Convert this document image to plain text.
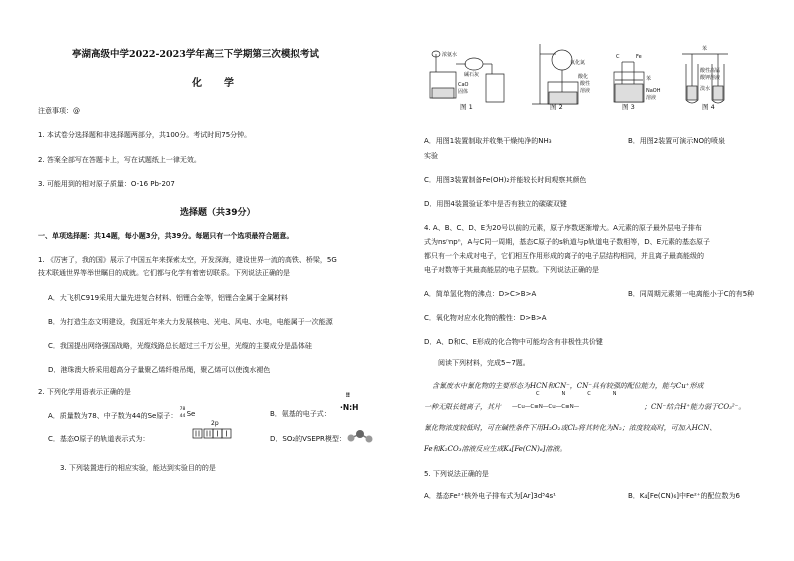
亭湖高级中学2022-2023学年高三下学期第三次模拟考试
化学
注意事项：@
1. 本试卷分选择题和非选择题两部分，共100分。考试时间75分钟。
2. 答案全部写在答题卡上，写在试题纸上一律无效。
3. 可能用到的相对原子质量：O-16 Pb-207
选择题（共39分）
一、单项选择题：共14题，每小题3分，共39分。每题只有一个选项最符合题意。
1. 《厉害了，我的国》展示了中国五年来探索太空，开发深海，建设世界一流的高铁、桥梁，5G
技术联通世界等举世瞩目的成就。它们都与化学有着密切联系。下列说法正确的是
A．大飞机C919采用大量先进复合材料、铝锂合金等，铝锂合金属于金属材料
B．为打造生态文明建设，我国近年来大力发展核电、光电、风电、水电，电能属于一次能源
C．我国提出网络强国战略，光缆线路总长超过三千万公里，光缆的主要成分是晶体硅
D．港珠澳大桥采用超高分子量聚乙烯纤维吊绳，聚乙烯可以使溴水褪色
2. 下列化学用语表示正确的是
A．质量数为78、中子数为44的Se原子：
78
44 Se	B．氨基的电子式：
‼
·N:H
C．基态O原子的轨道表示式为：
2p
D．SO₂的VSEPR模型：
3. 下列装置进行的相应实验，能达到实验目的的是
浓氨水
碱石灰
CaO
固体
氧化氮
酸化
酸性
溶液
C	Fe
苯
NaOH
溶液
苯
酸性高锰
酸钾溶液
溴水
图 1	图 2	图 3	图 4
A．用图1装置制取并收集干燥纯净的NH₃	B．用图2装置可演示NO的喷泉
实验
C．用图3装置制备Fe(OH)₂并能较长时间观察其颜色
D．用图4装置验证苯中是否有独立的碳碳双键
4. A、B、C、D、E为20号以前的元素，原子序数逐渐增大。A元素的原子最外层电子排布
式为nsⁿnpⁿ，A与C同一周期，基态C原子的s轨道与p轨道电子数相等，D、E元素的基态原子
都只有一个未成对电子，它们相互作用形成的离子的电子层结构相同，并且离子最高能级的
电子对数等于其最高能层的电子层数。下列说法正确的是
A．简单氢化物的沸点：D>C>B>A	B．同周期元素第一电离能小于C的有5种
C．氧化物对应水化物的酸性：D>B>A
D．A、D和C、E形成的化合物中可能均含有非极性共价键
阅读下列材料，完成5~7题。
含氰废水中氰化物的主要形态为HCN和CN⁻，CN⁻具有较强的配位能力，能与Cu⁺形成
一种无限长链离子，其片
CNCN
—Cu—C≡N—Cu—C≡N—	；CN⁻结合H⁺能力弱于CO₃²⁻。
氰化物浓度较低时，可在碱性条件下用H₂O₂或Cl₂将其转化为N₂；浓度较高时，可加入HCN、
Fe和K₂CO₃溶液反应生成K₄[Fe(CN)₆]溶液。
5. 下列说法正确的是
A．基态Fe²⁺核外电子排布式为[Ar]3d⁵4s¹	B．K₄[Fe(CN)₆]中Fe²⁺的配位数为6
